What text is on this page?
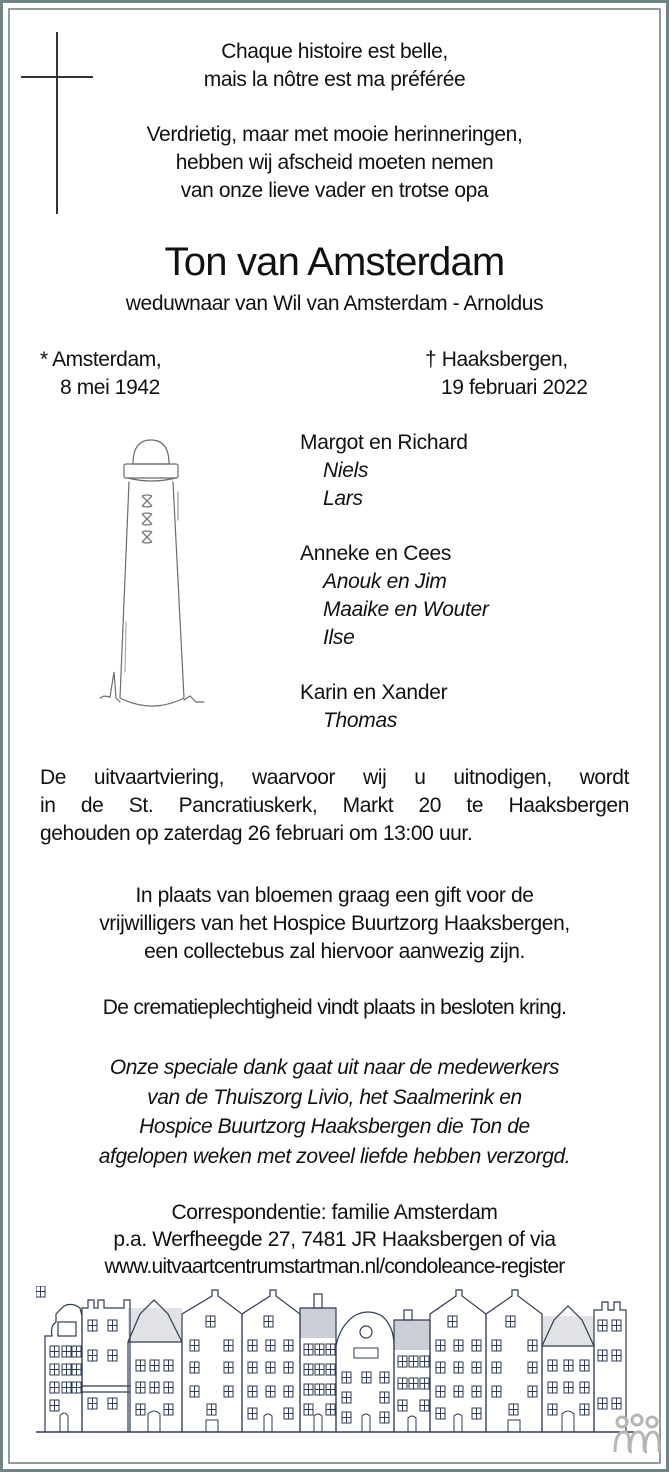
Chaque histoire est belle,
mais la nôtre est ma préférée
Verdrietig, maar met mooie herinneringen,
hebben wij afscheid moeten nemen
van onze lieve vader en trotse opa
Ton van Amsterdam
weduwnaar van Wil van Amsterdam - Arnoldus
* Amsterdam,
8 mei 1942
† Haaksbergen,
19 februari 2022
Margot en Richard
Niels
Lars
Anneke en Cees
Anouk en Jim
Maaike en Wouter
Ilse
Karin en Xander
Thomas
De uitvaartviering, waarvoor wij u uitnodigen, wordt
in de St. Pancratiuskerk, Markt 20 te Haaksbergen
gehouden op zaterdag 26 februari om 13:00 uur.
In plaats van bloemen graag een gift voor de
vrijwilligers van het Hospice Buurtzorg Haaksbergen,
een collectebus zal hiervoor aanwezig zijn.
De crematieplechtigheid vindt plaats in besloten kring.
Onze speciale dank gaat uit naar de medewerkers
van de Thuiszorg Livio, het Saalmerink en
Hospice Buurtzorg Haaksbergen die Ton de
afgelopen weken met zoveel liefde hebben verzorgd.
Correspondentie: familie Amsterdam
p.a. Werfheegde 27, 7481 JR Haaksbergen of via
www.uitvaartcentrumstartman.nl/condoleance-register
